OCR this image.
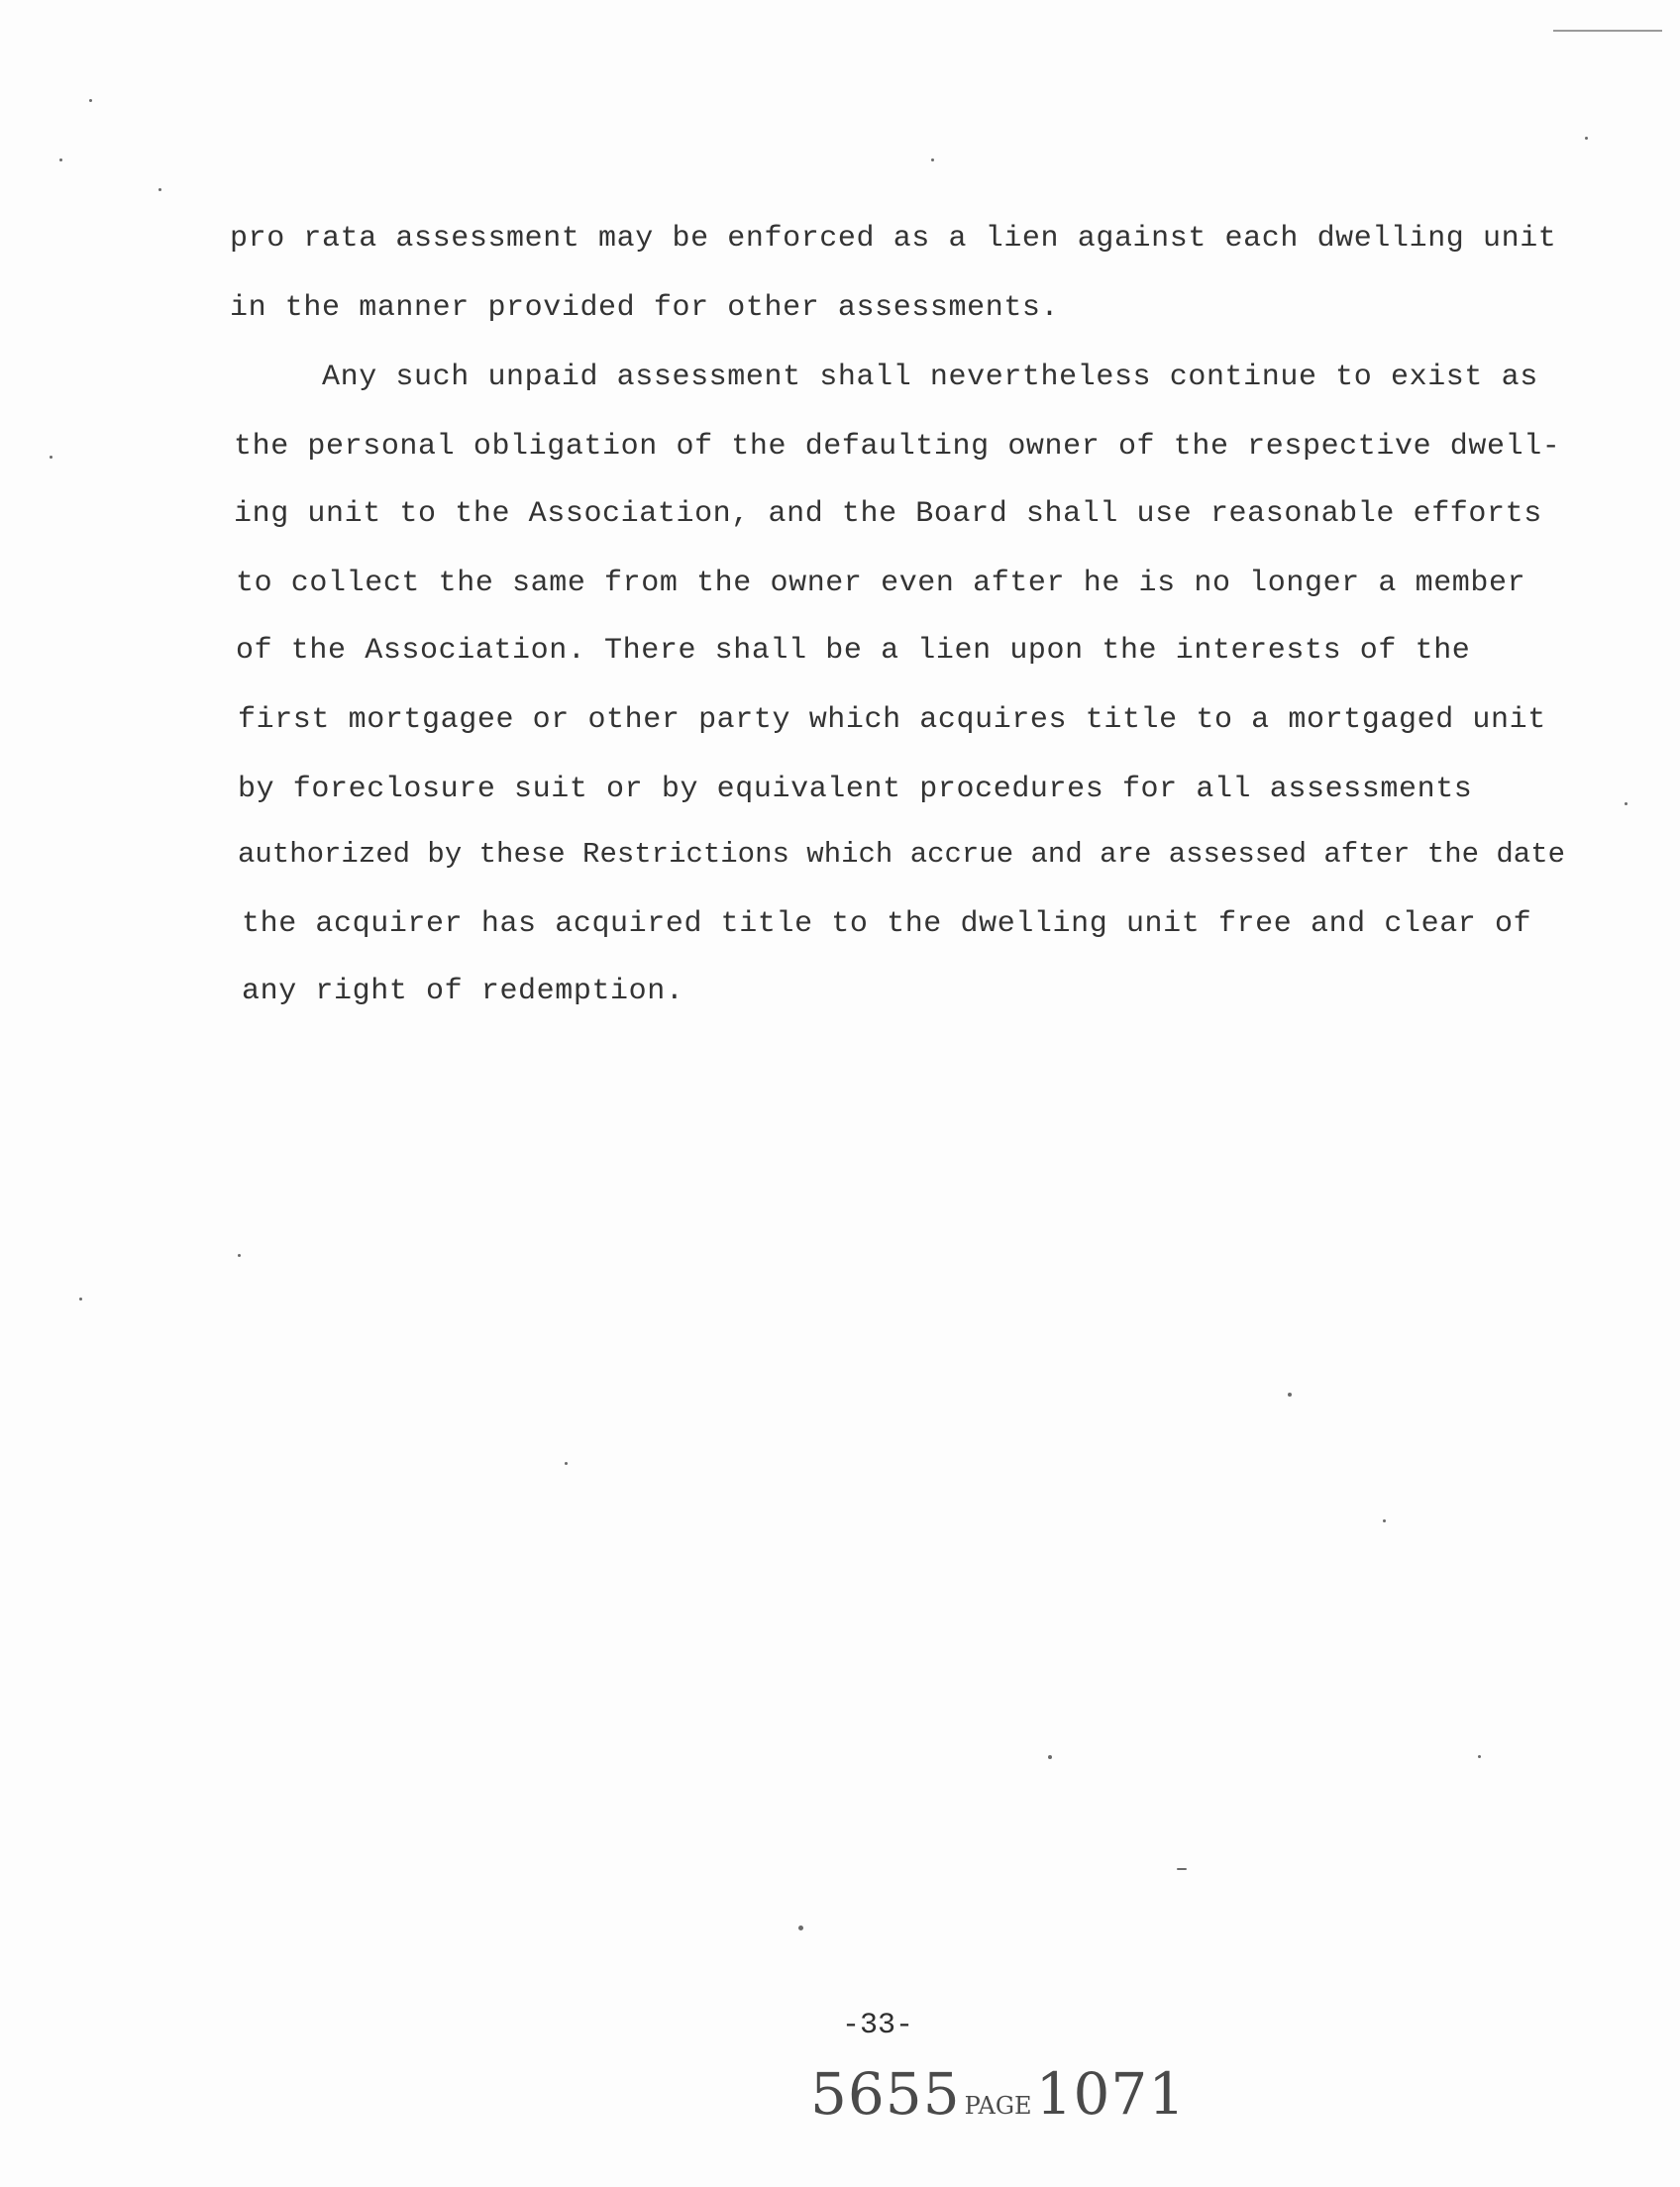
pro rata assessment may be enforced as a lien against each dwelling unit
in the manner provided for other assessments.
Any such unpaid assessment shall nevertheless continue to exist as
the personal obligation of the defaulting owner of the respective dwell-
ing unit to the Association, and the Board shall use reasonable efforts
to collect the same from the owner even after he is no longer a member
of the Association. There shall be a lien upon the interests of the
first mortgagee or other party which acquires title to a mortgaged unit
by foreclosure suit or by equivalent procedures for all assessments
authorized by these Restrictions which accrue and are assessed after the date
the acquirer has acquired title to the dwelling unit free and clear of
any right of redemption.
-33-
5655 PAGE1071
